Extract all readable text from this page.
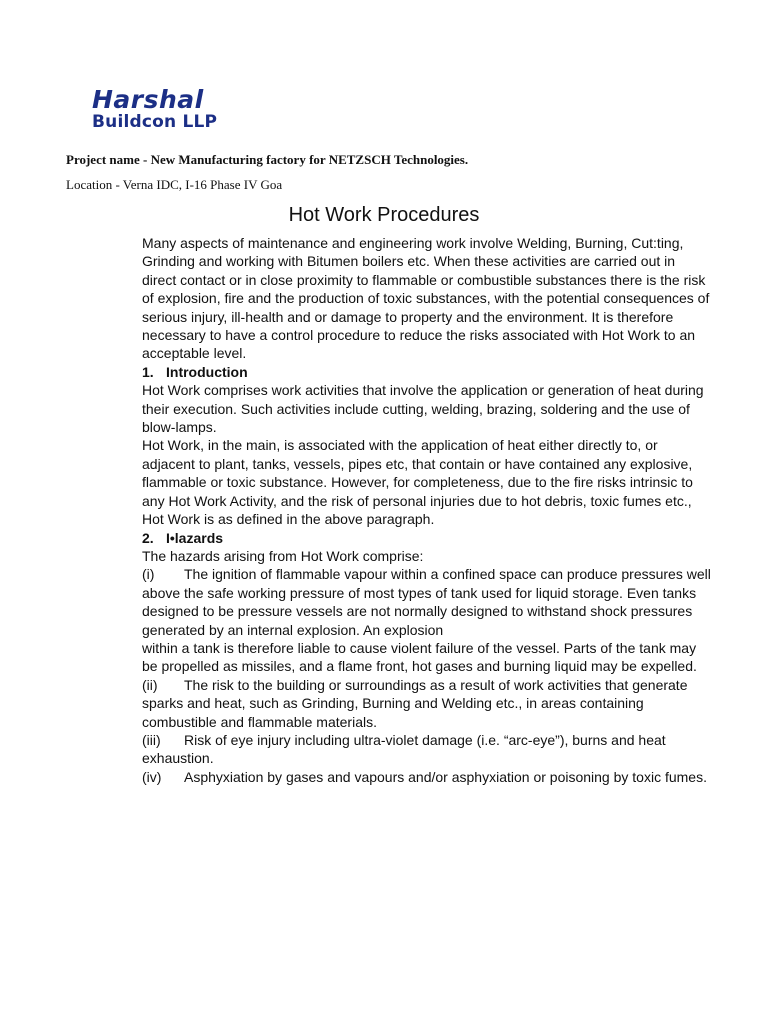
Harshal
Buildcon LLP
Project name - New Manufacturing factory for NETZSCH Technologies.
Location - Verna IDC, I-16 Phase IV Goa
Hot Work Procedures

Many aspects of maintenance and engineering work involve Welding, Burning, Cut:ting, Grinding and working with Bitumen boilers etc. When these activities are carried out in direct contact or in close proximity to flammable or combustible substances there is the risk of explosion, fire and the production of toxic substances, with the potential consequences of serious injury, ill-health and or damage to property and the environment. It is therefore necessary to have a control procedure to reduce the risks associated with Hot Work to an acceptable level.

1. Introduction

Hot Work comprises work activities that involve the application or generation of heat during their execution. Such activities include cutting, welding, brazing, soldering and the use of blow-lamps.

Hot Work, in the main, is associated with the application of heat either directly to, or adjacent to plant, tanks, vessels, pipes etc, that contain or have contained any explosive, flammable or toxic substance. However, for completeness, due to the fire risks intrinsic to any Hot Work Activity, and the risk of personal injuries due to hot debris, toxic fumes etc., Hot Work is as defined in the above paragraph.

2. I•lazards

The hazards arising from Hot Work comprise:

(i) The ignition of flammable vapour within a confined space can produce pressures well above the safe working pressure of most types of tank used for liquid storage. Even tanks designed to be pressure vessels are not normally designed to withstand shock pressures generated by an internal explosion. An explosion

within a tank is therefore liable to cause violent failure of the vessel. Parts of the tank may be propelled as missiles, and a flame front, hot gases and burning liquid may be expelled.

(ii) The risk to the building or surroundings as a result of work activities that generate sparks and heat, such as Grinding, Burning and Welding etc., in areas containing combustible and flammable materials.

(iii) Risk of eye injury including ultra-violet damage (i.e. “arc-eye”), burns and heat exhaustion.

(iv) Asphyxiation by gases and vapours and/or asphyxiation or poisoning by toxic fumes.
